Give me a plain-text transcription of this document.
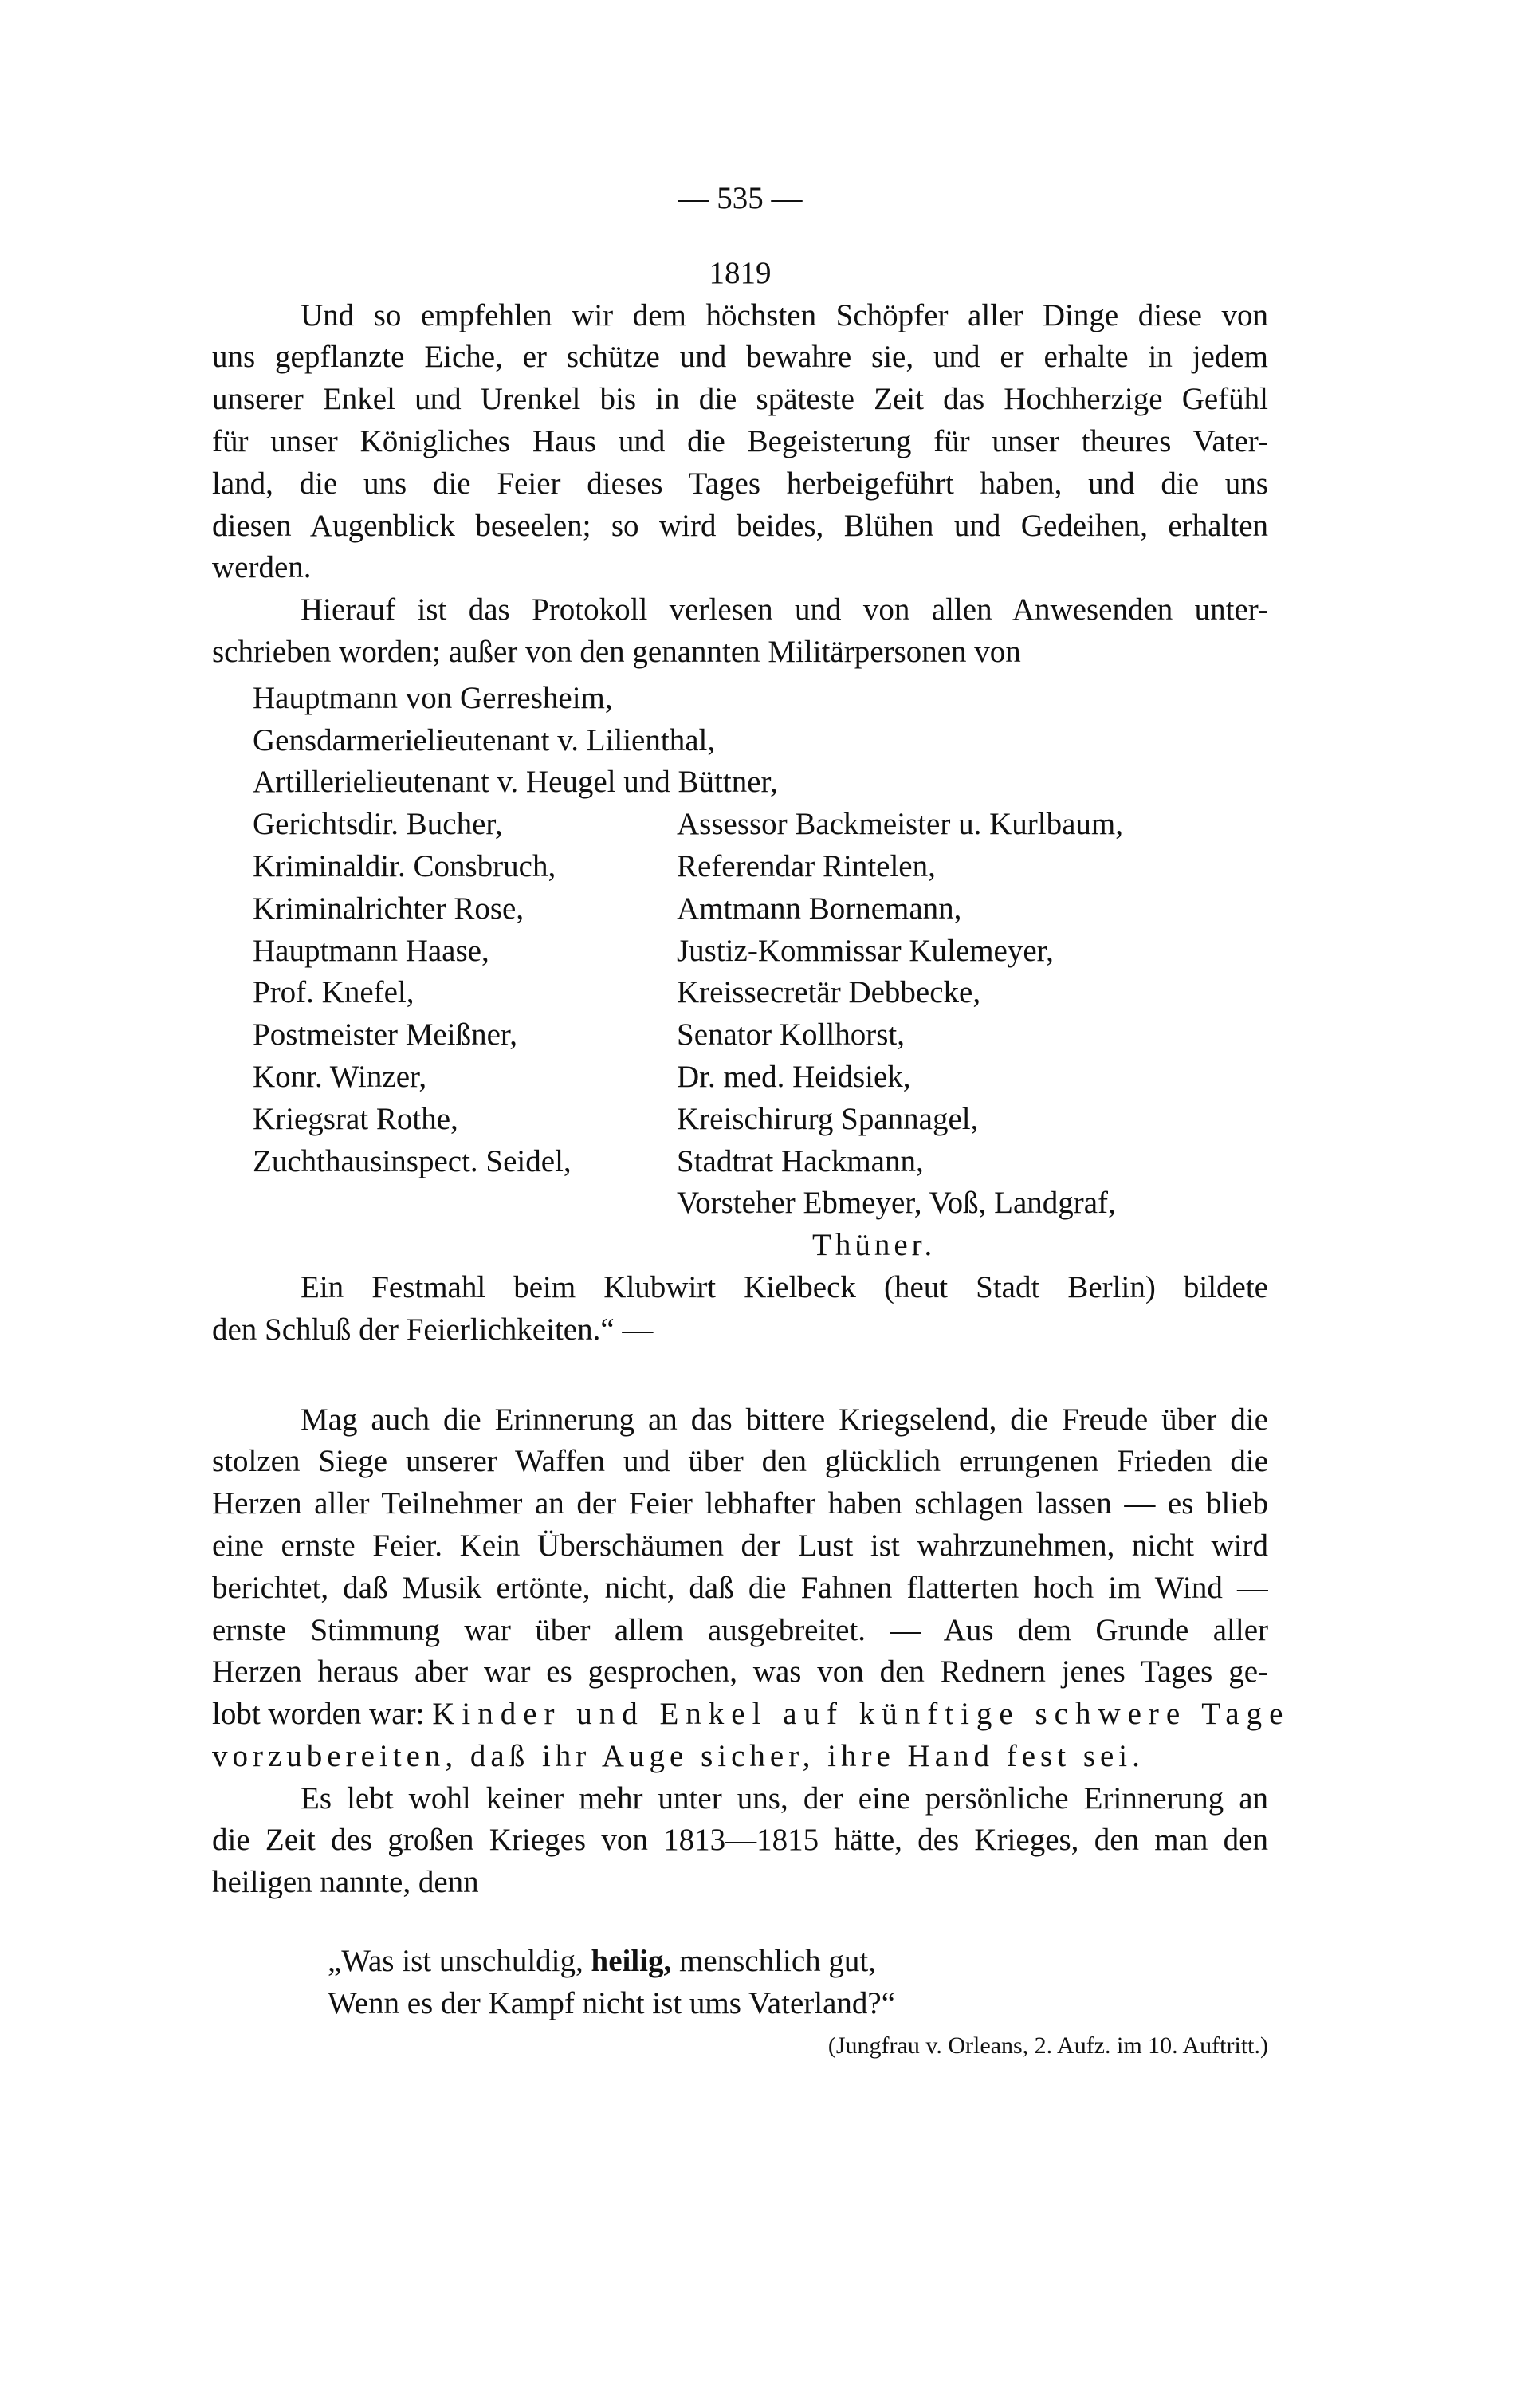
— 535 —
1819
Und so empfehlen wir dem höchsten Schöpfer aller Dinge diese von
uns gepflanzte Eiche, er schütze und bewahre sie, und er erhalte in jedem
unserer Enkel und Urenkel bis in die späteste Zeit das Hochherzige Gefühl
für unser Königliches Haus und die Begeisterung für unser theures Vater-
land, die uns die Feier dieses Tages herbeigeführt haben, und die uns
diesen Augenblick beseelen; so wird beides, Blühen und Gedeihen, erhalten
werden.
Hierauf ist das Protokoll verlesen und von allen Anwesenden unter-
schrieben worden; außer von den genannten Militärpersonen von
Hauptmann von Gerresheim,
Gensdarmerielieutenant v. Lilienthal,
Artillerielieutenant v. Heugel und Büttner,
Gerichtsdir. Bucher,	Assessor Backmeister u. Kurlbaum,
Kriminaldir. Consbruch,	Referendar Rintelen,
Kriminalrichter Rose,	Amtmann Bornemann,
Hauptmann Haase,	Justiz-Kommissar Kulemeyer,
Prof. Knefel,	Kreissecretär Debbecke,
Postmeister Meißner,	Senator Kollhorst,
Konr. Winzer,	Dr. med. Heidsiek,
Kriegsrat Rothe,	Kreischirurg Spannagel,
Zuchthausinspect. Seidel,	Stadtrat Hackmann,
Vorsteher Ebmeyer, Voß, Landgraf,
Thüner.
Ein Festmahl beim Klubwirt Kielbeck (heut Stadt Berlin) bildete
den Schluß der Feierlichkeiten.“ —
Mag auch die Erinnerung an das bittere Kriegselend, die Freude über die
stolzen Siege unserer Waffen und über den glücklich errungenen Frieden die
Herzen aller Teilnehmer an der Feier lebhafter haben schlagen lassen — es blieb
eine ernste Feier. Kein Überschäumen der Lust ist wahrzunehmen, nicht wird
berichtet, daß Musik ertönte, nicht, daß die Fahnen flatterten hoch im Wind —
ernste Stimmung war über allem ausgebreitet. — Aus dem Grunde aller
Herzen heraus aber war es gesprochen, was von den Rednern jenes Tages ge-
lobt worden war: Kinder und Enkel auf künftige schwere Tage
vorzubereiten, daß ihr Auge sicher, ihre Hand fest sei.
Es lebt wohl keiner mehr unter uns, der eine persönliche Erinnerung an
die Zeit des großen Krieges von 1813—1815 hätte, des Krieges, den man den
heiligen nannte, denn
„Was ist unschuldig, heilig, menschlich gut,
Wenn es der Kampf nicht ist ums Vaterland?“
(Jungfrau v. Orleans, 2. Aufz. im 10. Auftritt.)
